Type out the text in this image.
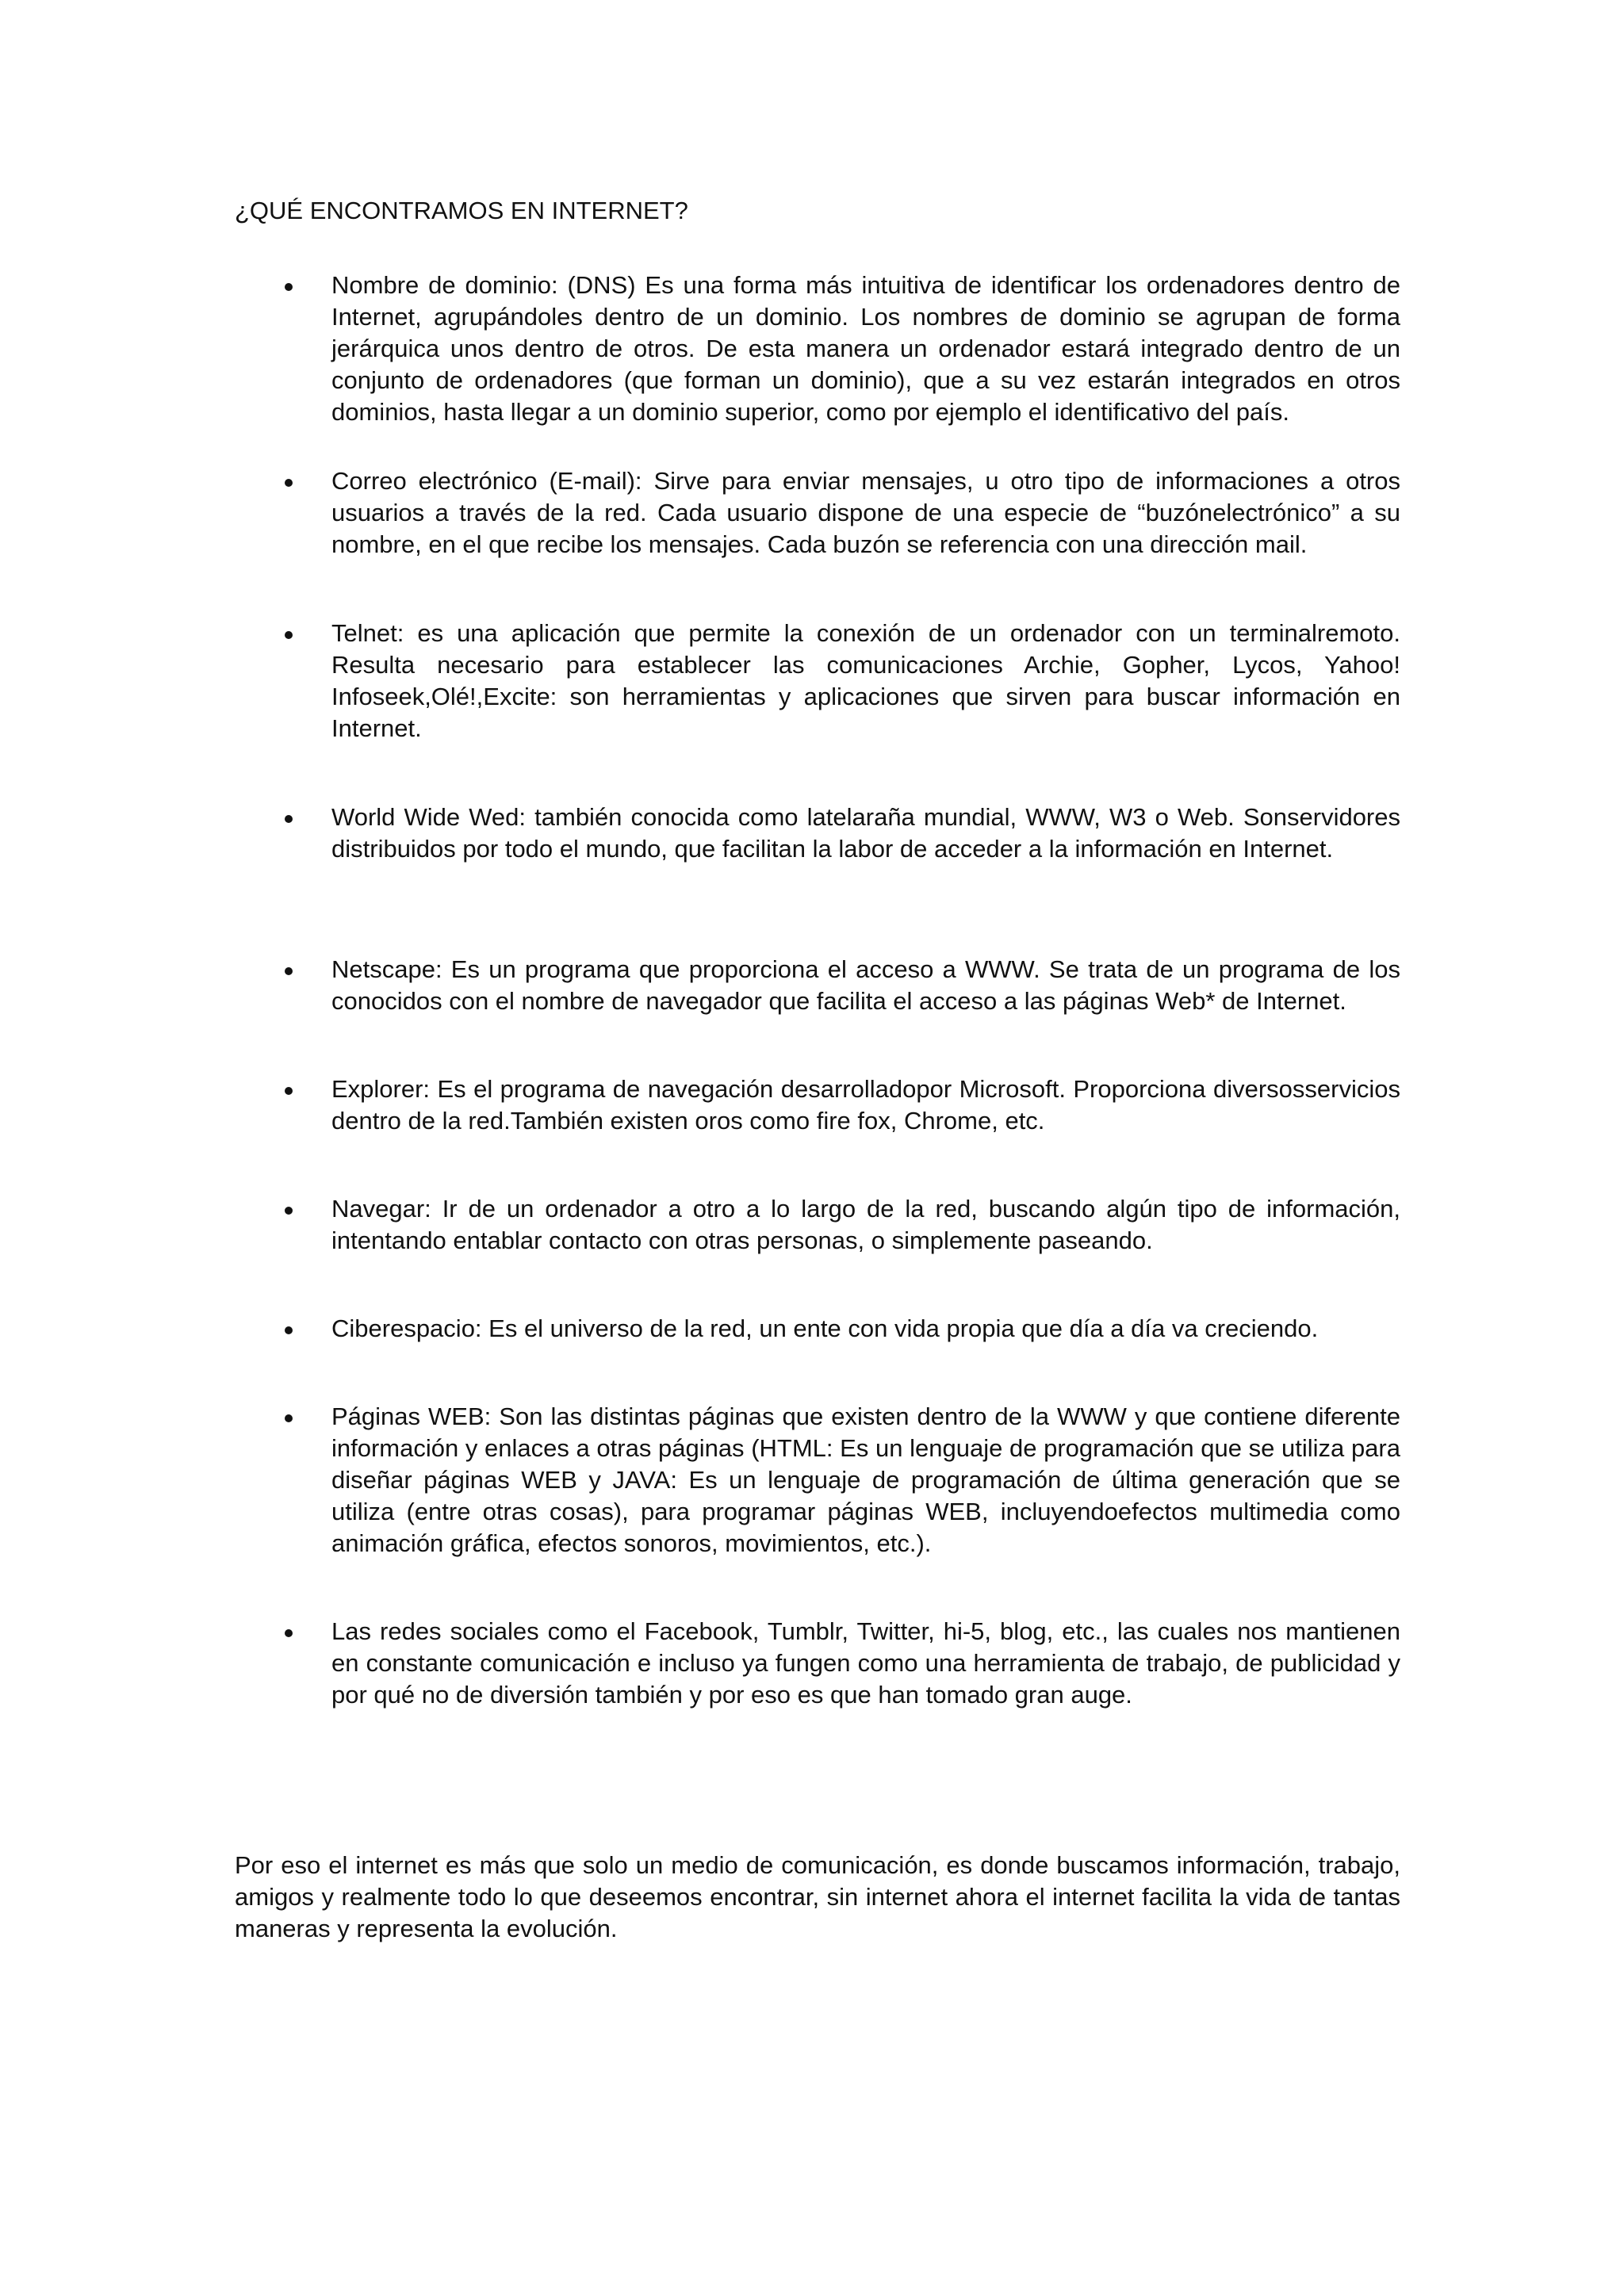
¿QUÉ ENCONTRAMOS EN INTERNET?
Nombre de dominio: (DNS) Es una forma más intuitiva de identificar los ordenadores dentro de Internet, agrupándoles dentro de un dominio. Los nombres de dominio se agrupan de forma jerárquica unos dentro de otros. De esta manera un ordenador estará integrado dentro de un conjunto de ordenadores (que forman un dominio), que a su vez estarán integrados en otros dominios, hasta llegar a un dominio superior, como por ejemplo el identificativo del país.
Correo electrónico (E-mail): Sirve para enviar mensajes, u otro tipo de informaciones a otros usuarios a través de la red. Cada usuario dispone de una especie de “buzónelectrónico” a su nombre, en el que recibe los mensajes. Cada buzón se referencia con una dirección mail.
Telnet: es una aplicación que permite la conexión de un ordenador con un terminalremoto. Resulta necesario para establecer las comunicaciones Archie, Gopher, Lycos, Yahoo! Infoseek,Olé!,Excite: son herramientas y aplicaciones que sirven para buscar información en Internet.
World Wide Wed: también conocida como latelaraña mundial, WWW, W3 o Web. Sonservidores distribuidos por todo el mundo, que facilitan la labor de acceder a la información en Internet.
Netscape: Es un programa que proporciona el acceso a WWW. Se trata de un programa de los conocidos con el nombre de navegador que facilita el acceso a las páginas Web* de Internet.
Explorer: Es el programa de navegación desarrolladopor Microsoft. Proporciona diversosservicios dentro de la red.También existen oros como fire fox, Chrome, etc.
Navegar: Ir de un ordenador a otro a lo largo de la red, buscando algún tipo de información, intentando entablar contacto con otras personas, o simplemente paseando.
Ciberespacio: Es el universo de la red, un ente con vida propia que día a día va creciendo.
Páginas WEB: Son las distintas páginas que existen dentro de la WWW y que contiene diferente información y enlaces a otras páginas (HTML: Es un lenguaje de programación que se utiliza para diseñar páginas WEB y JAVA: Es un lenguaje de programación de última generación que se utiliza (entre otras cosas), para programar páginas WEB, incluyendoefectos multimedia como animación gráfica, efectos sonoros, movimientos, etc.).
Las redes sociales como el Facebook, Tumblr, Twitter, hi-5, blog, etc., las cuales nos mantienen en constante comunicación e incluso ya fungen como una herramienta de trabajo, de publicidad y por qué no de diversión también y por eso es que han tomado gran auge.

Por eso el internet es más que solo un medio de comunicación, es donde buscamos información, trabajo, amigos y realmente todo lo que deseemos encontrar, sin internet ahora el internet facilita la vida de tantas maneras y representa la evolución.
